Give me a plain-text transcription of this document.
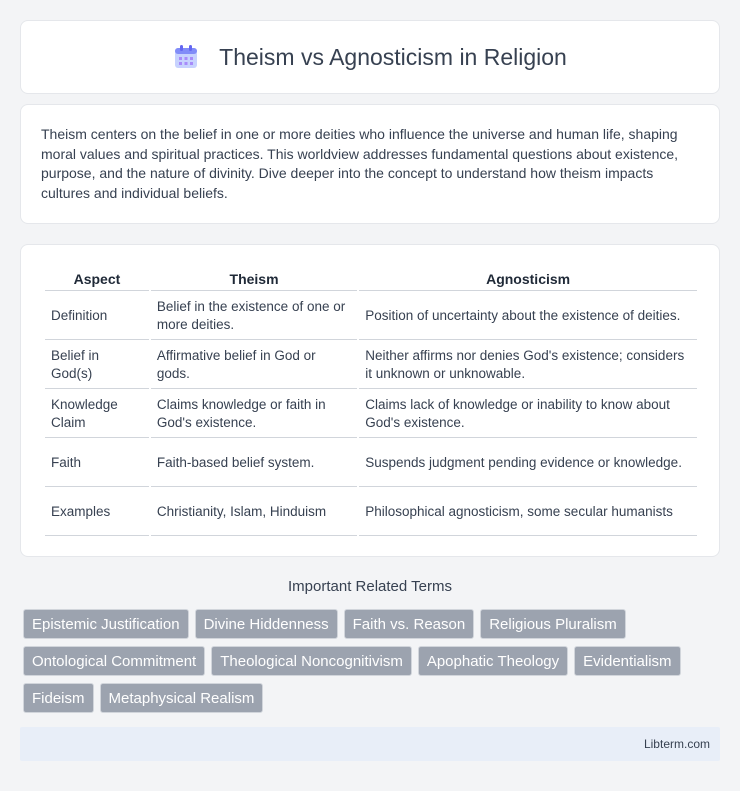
Theism vs Agnosticism in Religion

Theism centers on the belief in one or more deities who influence the universe and human life, shaping moral values and spiritual practices. This worldview addresses fundamental questions about existence, purpose, and the nature of divinity. Dive deeper into the concept to understand how theism impacts cultures and individual beliefs.

Aspect	Theism	Agnosticism
Definition	Belief in the existence of one or more deities.	Position of uncertainty about the existence of deities.
Belief in God(s)	Affirmative belief in God or gods.	Neither affirms nor denies God's existence; considers it unknown or unknowable.
Knowledge Claim	Claims knowledge or faith in God's existence.	Claims lack of knowledge or inability to know about God's existence.
Faith	Faith-based belief system.	Suspends judgment pending evidence or knowledge.
Examples	Christianity, Islam, Hinduism	Philosophical agnosticism, some secular humanists
Important Related Terms
Epistemic Justification	Divine Hiddenness	Faith vs. Reason	Religious Pluralism
Ontological Commitment	Theological Noncognitivism	Apophatic Theology	Evidentialism
Fideism	Metaphysical Realism
Libterm.com
